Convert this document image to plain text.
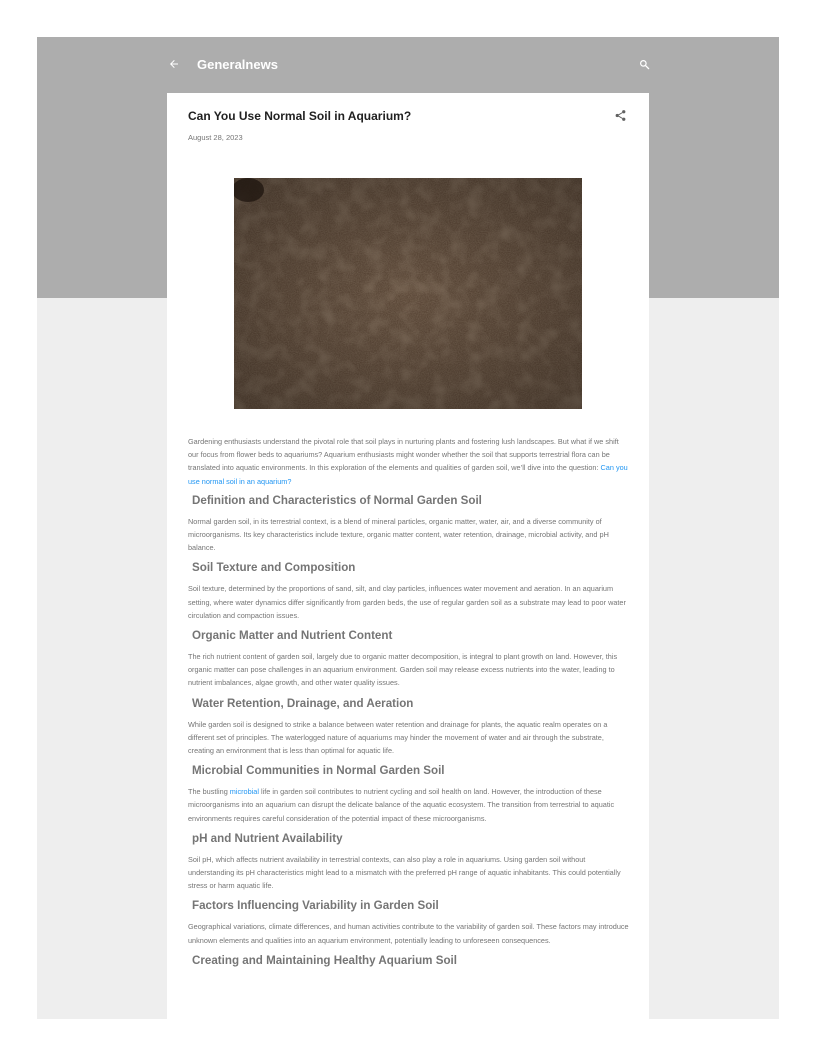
Generalnews
Can You Use Normal Soil in Aquarium?
August 28, 2023

Gardening enthusiasts understand the pivotal role that soil plays in nurturing plants and fostering lush landscapes. But what if we shift our focus from flower beds to aquariums? Aquarium enthusiasts might wonder whether the soil that supports terrestrial flora can be translated into aquatic environments. In this exploration of the elements and qualities of garden soil, we’ll dive into the question: Can you use normal soil in an aquarium?

Definition and Characteristics of Normal Garden Soil

Normal garden soil, in its terrestrial context, is a blend of mineral particles, organic matter, water, air, and a diverse community of microorganisms. Its key characteristics include texture, organic matter content, water retention, drainage, microbial activity, and pH balance.

Soil Texture and Composition

Soil texture, determined by the proportions of sand, silt, and clay particles, influences water movement and aeration. In an aquarium setting, where water dynamics differ significantly from garden beds, the use of regular garden soil as a substrate may lead to poor water circulation and compaction issues.

Organic Matter and Nutrient Content

The rich nutrient content of garden soil, largely due to organic matter decomposition, is integral to plant growth on land. However, this organic matter can pose challenges in an aquarium environment. Garden soil may release excess nutrients into the water, leading to nutrient imbalances, algae growth, and other water quality issues.

Water Retention, Drainage, and Aeration

While garden soil is designed to strike a balance between water retention and drainage for plants, the aquatic realm operates on a different set of principles. The waterlogged nature of aquariums may hinder the movement of water and air through the substrate, creating an environment that is less than optimal for aquatic life.

Microbial Communities in Normal Garden Soil

The bustling microbial life in garden soil contributes to nutrient cycling and soil health on land. However, the introduction of these microorganisms into an aquarium can disrupt the delicate balance of the aquatic ecosystem. The transition from terrestrial to aquatic environments requires careful consideration of the potential impact of these microorganisms.

pH and Nutrient Availability

Soil pH, which affects nutrient availability in terrestrial contexts, can also play a role in aquariums. Using garden soil without understanding its pH characteristics might lead to a mismatch with the preferred pH range of aquatic inhabitants. This could potentially stress or harm aquatic life.

Factors Influencing Variability in Garden Soil

Geographical variations, climate differences, and human activities contribute to the variability of garden soil. These factors may introduce unknown elements and qualities into an aquarium environment, potentially leading to unforeseen consequences.

Creating and Maintaining Healthy Aquarium Soil
